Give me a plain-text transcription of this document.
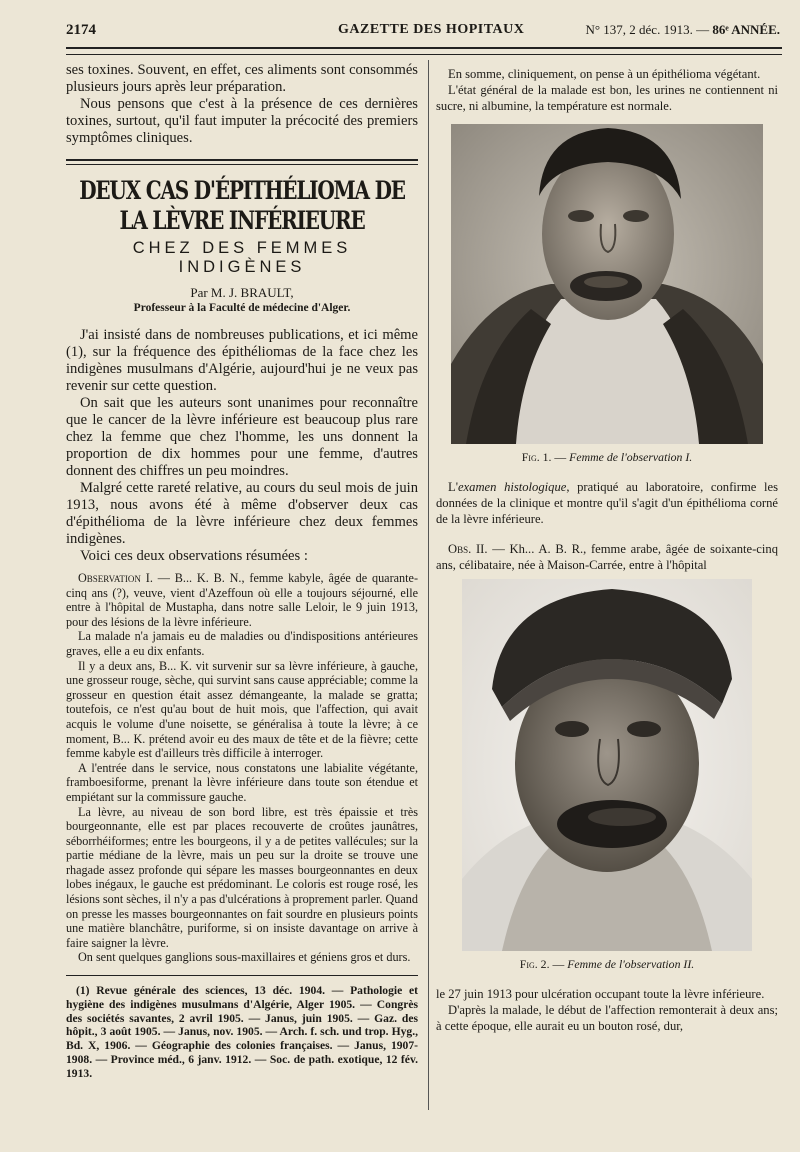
2174	GAZETTE DES HOPITAUX	N° 137, 2 déc. 1913. — 86ᵉ ANNÉE.

ses toxines. Souvent, en effet, ces aliments sont consommés plusieurs jours après leur préparation.

Nous pensons que c'est à la présence de ces dernières toxines, surtout, qu'il faut imputer la précocité des premiers symptômes cliniques.

DEUX CAS D'ÉPITHÉLIOMA DE LA LÈVRE INFÉRIEURE
CHEZ DES FEMMES INDIGÈNES
Par M. J. BRAULT,
Professeur à la Faculté de médecine d'Alger.

J'ai insisté dans de nombreuses publications, et ici même (1), sur la fréquence des épithéliomas de la face chez les indigènes musulmans d'Algérie, aujourd'hui je ne veux pas revenir sur cette question.

On sait que les auteurs sont unanimes pour reconnaître que le cancer de la lèvre inférieure est beaucoup plus rare chez la femme que chez l'homme, les uns donnent la proportion de dix hommes pour une femme, d'autres donnent des chiffres un peu moindres.

Malgré cette rareté relative, au cours du seul mois de juin 1913, nous avons été à même d'observer deux cas d'épithélioma de la lèvre inférieure chez deux femmes indigènes.

Voici ces deux observations résumées :

Observation I. — B... K. B. N., femme kabyle, âgée de quarante-cinq ans (?), veuve, vient d'Azeffoun où elle a toujours séjourné, elle entre à l'hôpital de Mustapha, dans notre salle Leloir, le 9 juin 1913, pour des lésions de la lèvre inférieure.

La malade n'a jamais eu de maladies ou d'indispositions antérieures graves, elle a eu dix enfants.

Il y a deux ans, B... K. vit survenir sur sa lèvre inférieure, à gauche, une grosseur rouge, sèche, qui survint sans cause appréciable; comme la grosseur en question était assez démangeante, la malade se gratta; toutefois, ce n'est qu'au bout de huit mois, que l'affection, qui avait acquis le volume d'une noisette, se généralisa à toute la lèvre; à ce moment, B... K. prétend avoir eu des maux de tête et de la fièvre; cette femme kabyle est d'ailleurs très difficile à interroger.

A l'entrée dans le service, nous constatons une labialite végétante, framboesiforme, prenant la lèvre inférieure dans toute son étendue et empiétant sur la commissure gauche.

La lèvre, au niveau de son bord libre, est très épaissie et très bourgeonnante, elle est par places recouverte de croûtes jaunâtres, séborrhéiformes; entre les bourgeons, il y a de petites vallécules; sur la partie médiane de la lèvre, mais un peu sur la droite se trouve une rhagade assez profonde qui sépare les masses bourgeonnantes en deux lobes inégaux, le gauche est prédominant. Le coloris est rouge rosé, les lésions sont sèches, il n'y a pas d'ulcérations à proprement parler. Quand on presse les masses bourgeonnantes on fait sourdre en plusieurs points une matière blanchâtre, puriforme, si on insiste davantage on arrive à faire saigner la lèvre.

On sent quelques ganglions sous-maxillaires et géniens gros et durs.

(1) Revue générale des sciences, 13 déc. 1904. — Pathologie et hygiène des indigènes musulmans d'Algérie, Alger 1905. — Congrès des sociétés savantes, 2 avril 1905. — Janus, juin 1905. — Gaz. des hôpit., 3 août 1905. — Janus, nov. 1905. — Arch. f. sch. und trop. Hyg., Bd. X, 1906. — Géographie des colonies françaises. — Janus, 1907-1908. — Province méd., 6 janv. 1912. — Soc. de path. exotique, 12 fév. 1913.

En somme, cliniquement, on pense à un épithélioma végétant.

L'état général de la malade est bon, les urines ne contiennent ni sucre, ni albumine, la température est normale.

Fig. 1. — Femme de l'observation I.

L'examen histologique, pratiqué au laboratoire, confirme les données de la clinique et montre qu'il s'agit d'un épithélioma corné de la lèvre inférieure.

Obs. II. — Kh... A. B. R., femme arabe, âgée de soixante-cinq ans, célibataire, née à Maison-Carrée, entre à l'hôpital

Fig. 2. — Femme de l'observation II.

le 27 juin 1913 pour ulcération occupant toute la lèvre inférieure.

D'après la malade, le début de l'affection remonterait à deux ans; à cette époque, elle aurait eu un bouton rosé, dur,
